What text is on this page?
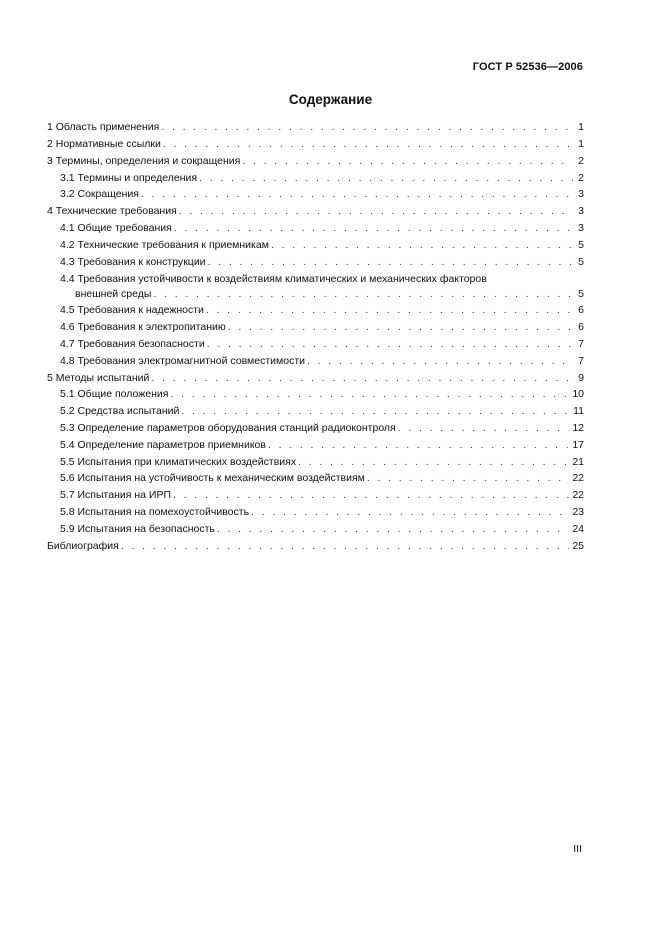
ГОСТ Р 52536—2006
Содержание
1 Область применения . . .	1
2 Нормативные ссылки . . .	1
3 Термины, определения и сокращения . . .	2
3.1 Термины и определения . . .	2
3.2 Сокращения . . .	3
4 Технические требования . . .	3
4.1 Общие требования . . .	3
4.2 Технические требования к приемникам . . .	5
4.3 Требования к конструкции . . .	5
4.4 Требования устойчивости к воздействиям климатических и механических факторов
внешней среды . . .	5
4.5 Требования к надежности . . .	6
4.6 Требования к электропитанию . . .	6
4.7 Требования безопасности . . .	7
4.8 Требования электромагнитной совместимости . . .	7
5 Методы испытаний . . .	9
5.1 Общие положения . . .	10
5.2 Средства испытаний . . .	11
5.3 Определение параметров оборудования станций радиоконтроля . . .	12
5.4 Определение параметров приемников . . .	17
5.5 Испытания при климатических воздействиях . . .	21
5.6 Испытания на устойчивость к механическим воздействиям . . .	22
5.7 Испытания на ИРП . . .	22
5.8 Испытания на помехоустойчивость . . .	23
5.9 Испытания на безопасность . . .	24
Библиография . . .	25
III
